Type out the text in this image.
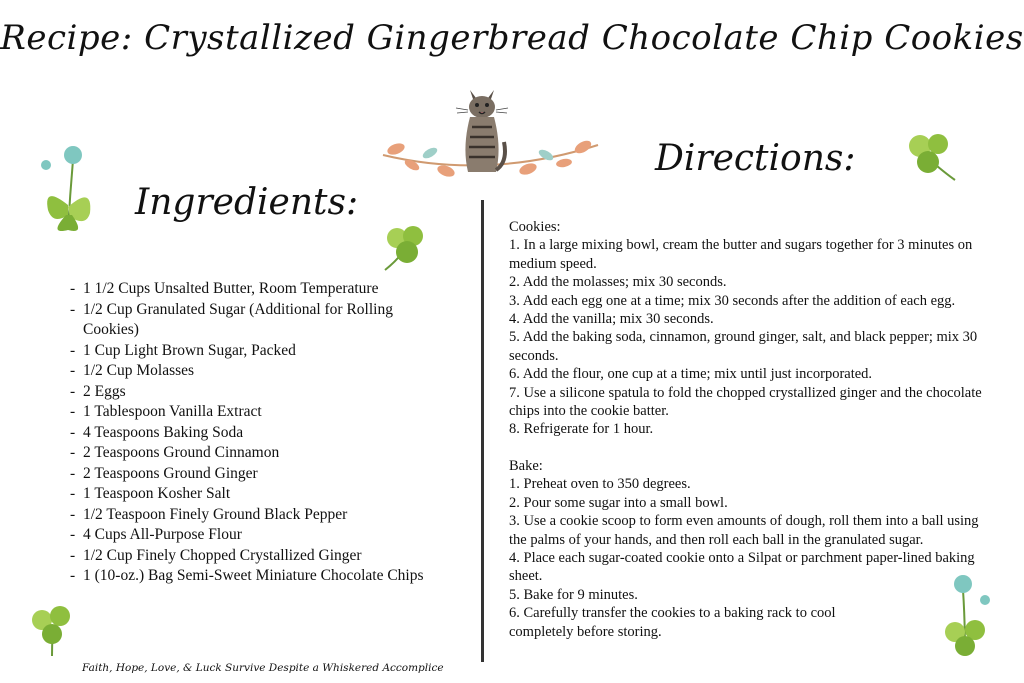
Recipe: Crystallized Gingerbread Chocolate Chip Cookies
Ingredients:
Directions:
- 1 1/2 Cups Unsalted Butter, Room Temperature
- 1/2 Cup Granulated Sugar (Additional for Rolling Cookies)
- 1 Cup Light Brown Sugar, Packed
- 1/2 Cup Molasses
- 2 Eggs
- 1 Tablespoon Vanilla Extract
- 4 Teaspoons Baking Soda
- 2 Teaspoons Ground Cinnamon
- 2 Teaspoons Ground Ginger
- 1 Teaspoon Kosher Salt
- 1/2 Teaspoon Finely Ground Black Pepper
- 4 Cups All-Purpose Flour
- 1/2 Cup Finely Chopped Crystallized Ginger
- 1 (10-oz.) Bag Semi-Sweet Miniature Chocolate Chips
Cookies:
1. In a large mixing bowl, cream the butter and sugars together for 3 minutes on medium speed.
2. Add the molasses; mix 30 seconds.
3. Add each egg one at a time; mix 30 seconds after the addition of each egg.
4. Add the vanilla; mix 30 seconds.
5. Add the baking soda, cinnamon, ground ginger, salt, and black pepper; mix 30 seconds.
6. Add the flour, one cup at a time; mix until just incorporated.
7. Use a silicone spatula to fold the chopped crystallized ginger and the chocolate chips into the cookie batter.
8. Refrigerate for 1 hour.
Bake:
1. Preheat oven to 350 degrees.
2. Pour some sugar into a small bowl.
3. Use a cookie scoop to form even amounts of dough, roll them into a ball using the palms of your hands, and then roll each ball in the granulated sugar.
4. Place each sugar-coated cookie onto a Silpat or parchment paper-lined baking sheet.
5. Bake for 9 minutes.
6. Carefully transfer the cookies to a baking rack to cool completely before storing.
Faith, Hope, Love, & Luck Survive Despite a Whiskered Accomplice
